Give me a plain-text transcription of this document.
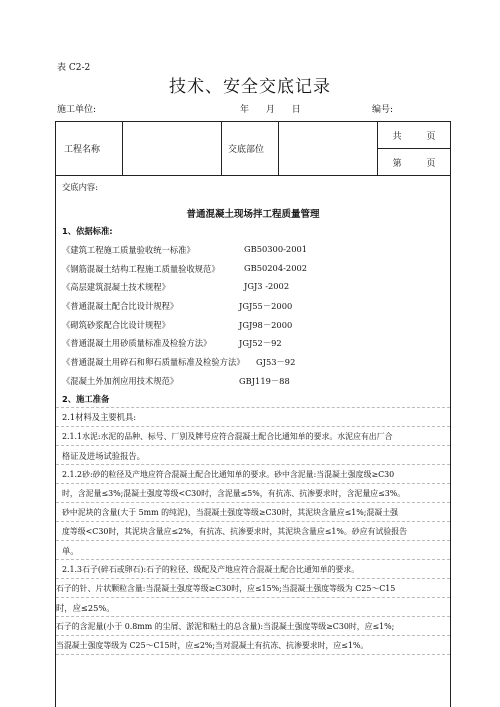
表 C2-2
技术、安全交底记录
施工单位:	年 月 日	编号:
工程名称		交底部位		共 页
第 页
交底内容:
普通混凝土现场拌工程质量管理
1、依据标准:
《建筑工程施工质量验收统一标准》	GB50300-2001
《钢筋混凝土结构工程施工质量验收规范》	GB50204-2002
《高层建筑混凝土技术规程》	JGJ3 -2002
《普通混凝土配合比设计规程》	JGJ55－2000
《砌筑砂浆配合比设计规程》	JGJ98－2000
《普通混凝土用砂质量标准及检验方法》	JGJ52－92
《普通混凝土用碎石和卵石质量标准及检验方法》 GJ53－92
《混凝土外加剂应用技术规范》	GBJ119－88
2、施工准备
2.1材料及主要机具:
2.1.1水泥:水泥的品种、标号、厂别及牌号应符合混凝土配合比通知单的要求。水泥应有出厂合
格证及进场试验报告。
2.1.2砂:砂的粒径及产地应符合混凝土配合比通知单的要求。砂中含泥量:当混凝土强度级≥C30
时，含泥量≤3%;混凝土强度等级<C30时，含泥量≤5%，有抗冻、抗渗要求时，含泥量应≤3%。
砂中泥块的含量(大于 5mm 的纯泥)，当混凝土强度等级≥C30时，其泥块含量应≤1%;混凝土强
度等级<C30时，其泥块含量应≤2%，有抗冻、抗渗要求时，其泥块含量应≤1%。砂应有试验报告
单。
2.1.3石子(碎石或卵石):石子的粒径、级配及产地应符合混凝土配合比通知单的要求。
石子的针、片状颗粒含量:当混凝土强度等级≥C30时，应≤15%;当混凝土强度等级为 C25～C15
时，应≤25%。
石子的含泥量(小于 0.8mm 的尘屑、淤泥和粘土的总含量):当混凝土强度等级≥C30时，应≤1%;
当混凝土强度等级为 C25～C15时，应≤2%;当对混凝土有抗冻、抗渗要求时，应≤1%。
